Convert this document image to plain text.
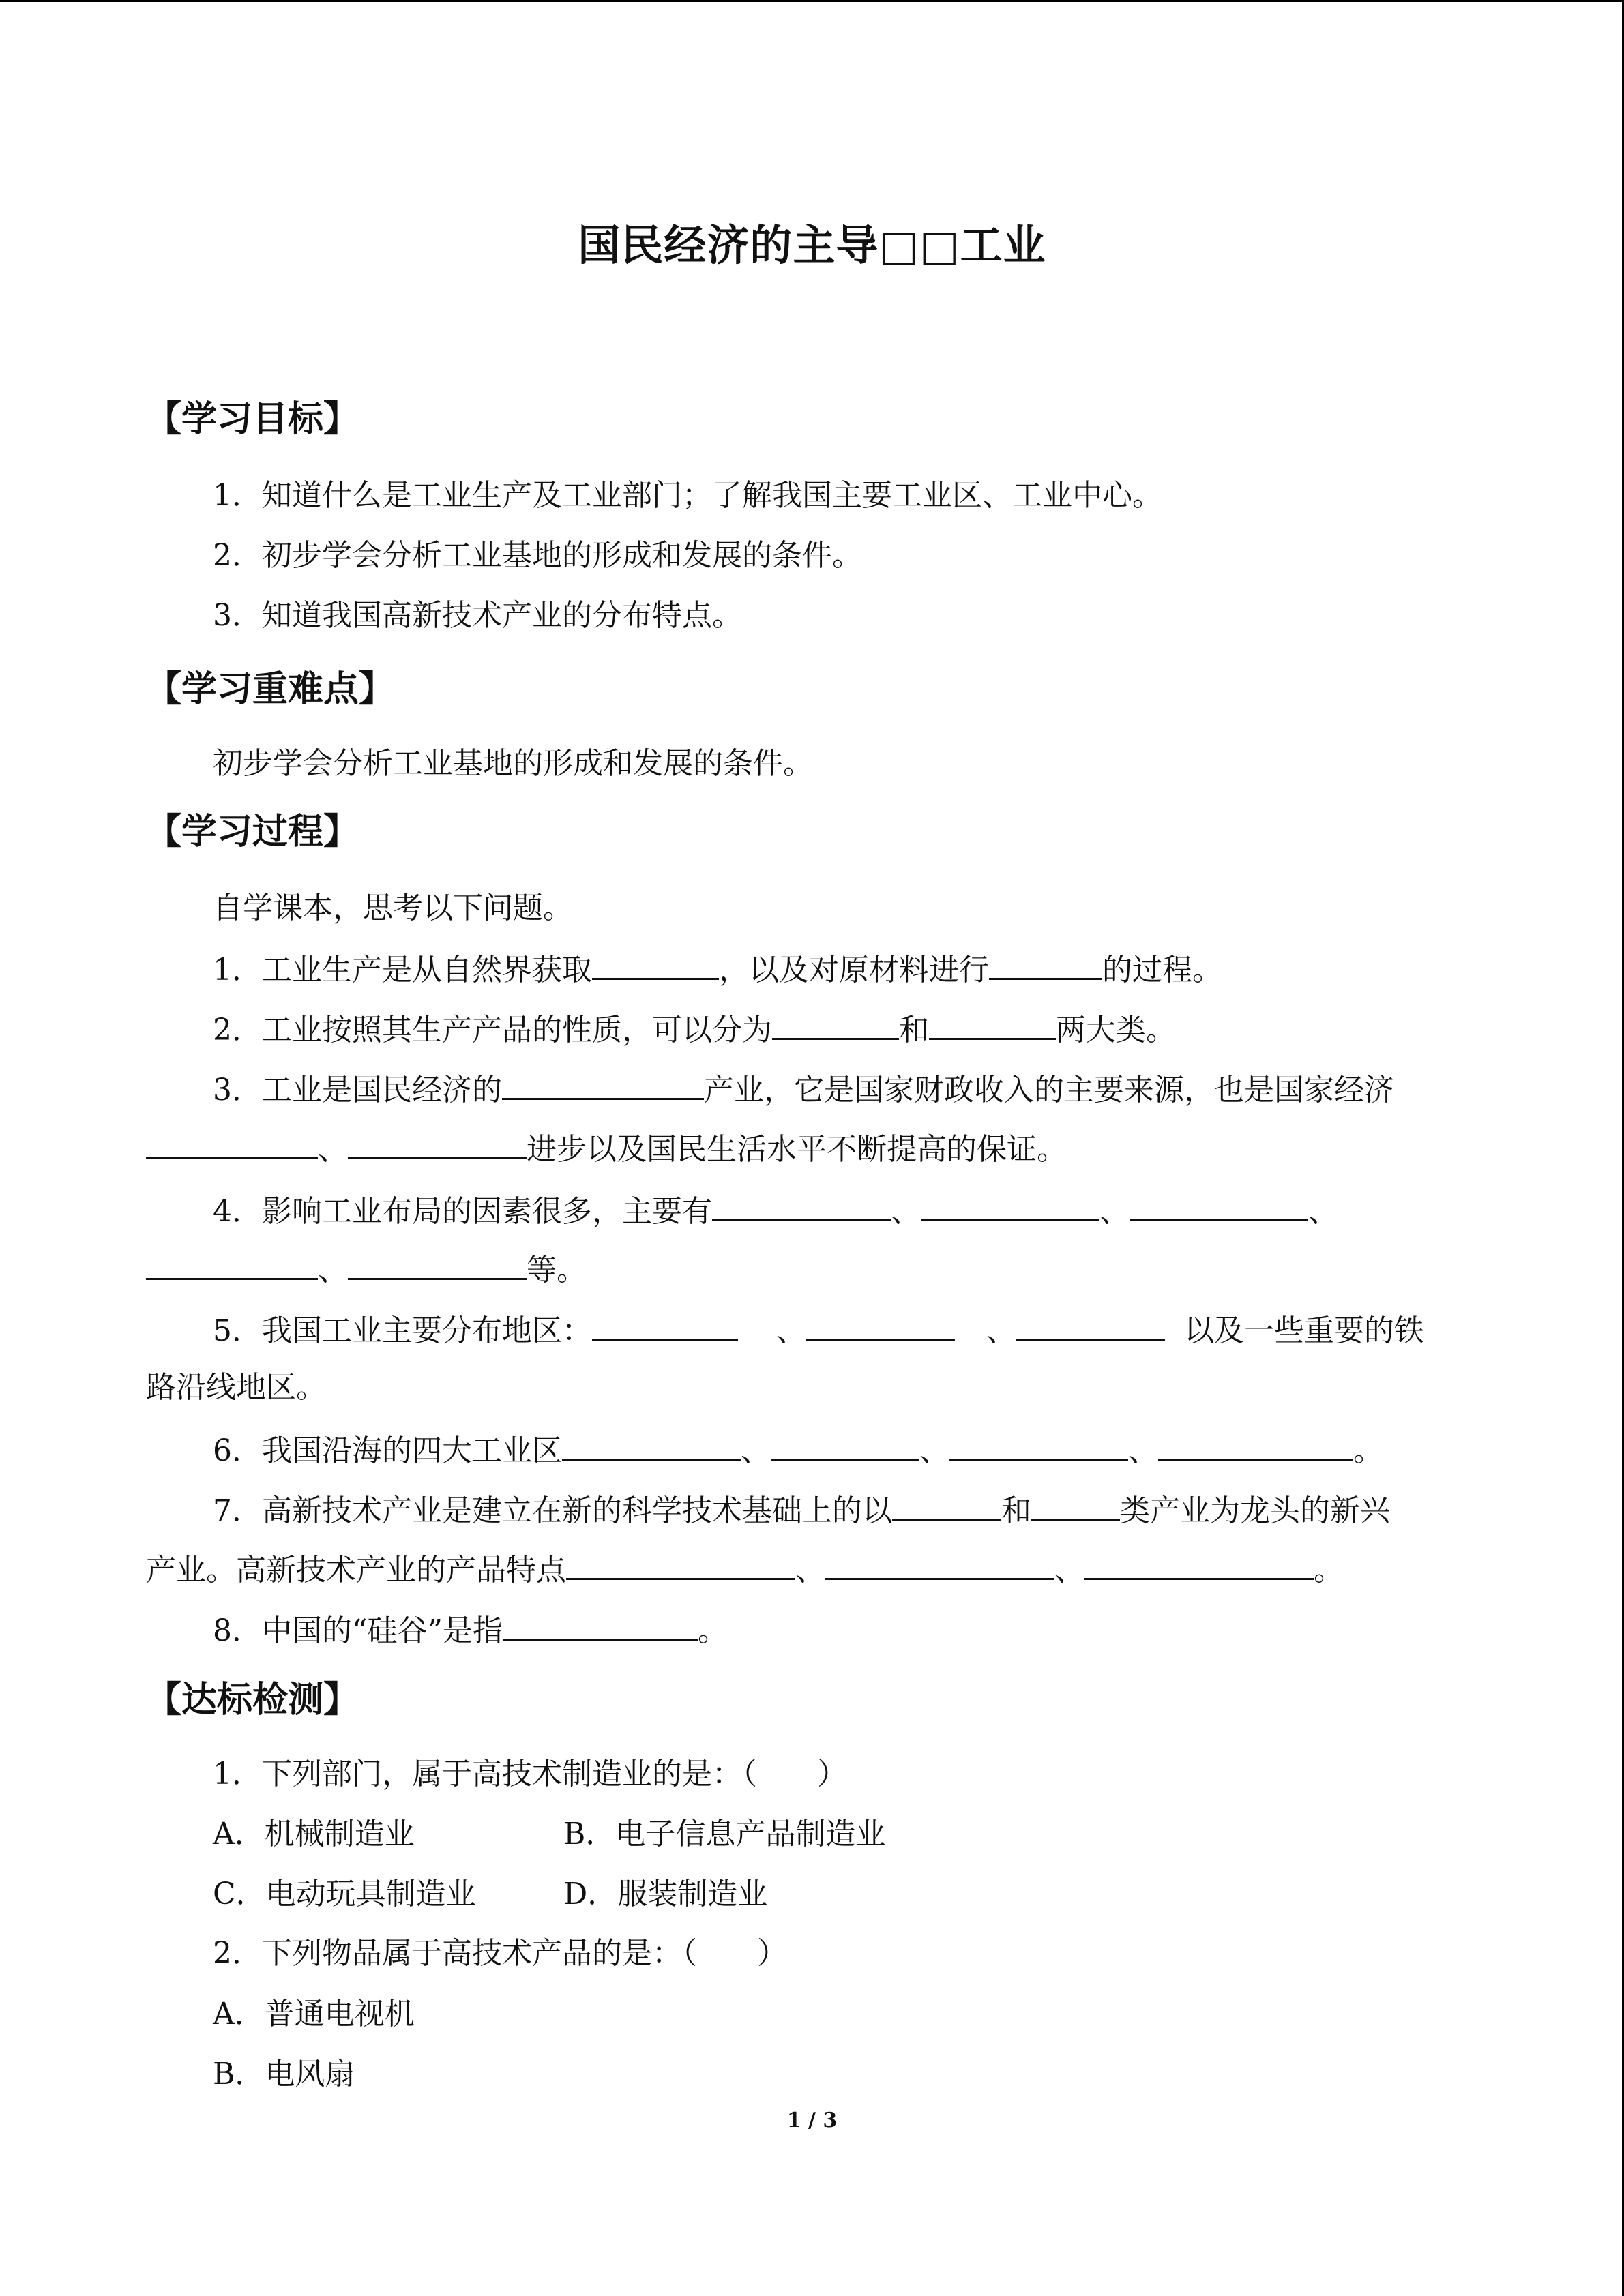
国民经济的主导□□工业
【学习目标】
1．知道什么是工业生产及工业部门；了解我国主要工业区、工业中心。
2．初步学会分析工业基地的形成和发展的条件。
3．知道我国高新技术产业的分布特点。
【学习重难点】
初步学会分析工业基地的形成和发展的条件。
【学习过程】
自学课本，思考以下问题。
1．工业生产是从自然界获取	，以及对原材料进行	的过程。
2．工业按照其生产产品的性质，可以分为	和	两大类。
3．工业是国民经济的	产业，它是国家财政收入的主要来源，也是国家经济
、	进步以及国民生活水平不断提高的保证。
4．影响工业布局的因素很多，主要有	、	、	、
、	等。
5．我国工业主要分布地区：	、	、	以及一些重要的铁
路沿线地区。
6．我国沿海的四大工业区	、	、	、	。
7．高新技术产业是建立在新的科学技术基础上的以	和	类产业为龙头的新兴
产业。高新技术产业的产品特点	、	、	。
8．中国的“硅谷”是指	。
【达标检测】
1．下列部门，属于高技术制造业的是：（　　）
A．机械制造业	B．电子信息产品制造业
C．电动玩具制造业	D．服装制造业
2．下列物品属于高技术产品的是：（　　）
A．普通电视机
B．电风扇
1 / 3
